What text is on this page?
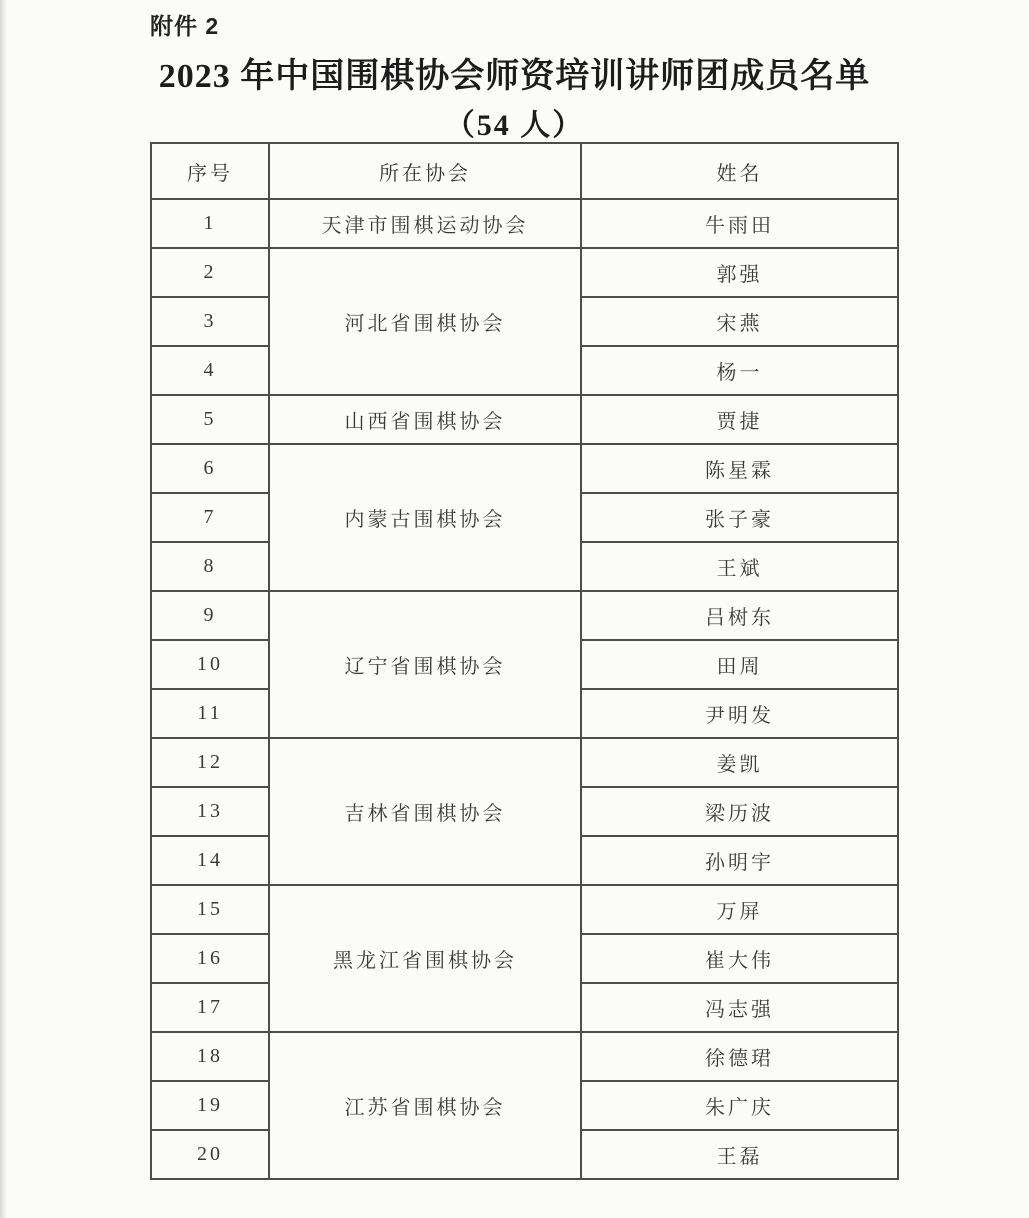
附件 2
2023 年中国围棋协会师资培训讲师团成员名单
（54 人）
序号	所在协会	姓名
1	天津市围棋运动协会	牛雨田
2	河北省围棋协会	郭强
3		宋燕
4		杨一
5	山西省围棋协会	贾捷
6	内蒙古围棋协会	陈星霖
7		张子豪
8		王斌
9	辽宁省围棋协会	吕树东
10		田周
11		尹明发
12	吉林省围棋协会	姜凯
13		梁历波
14		孙明宇
15	黑龙江省围棋协会	万屏
16		崔大伟
17		冯志强
18	江苏省围棋协会	徐德珺
19		朱广庆
20		王磊
